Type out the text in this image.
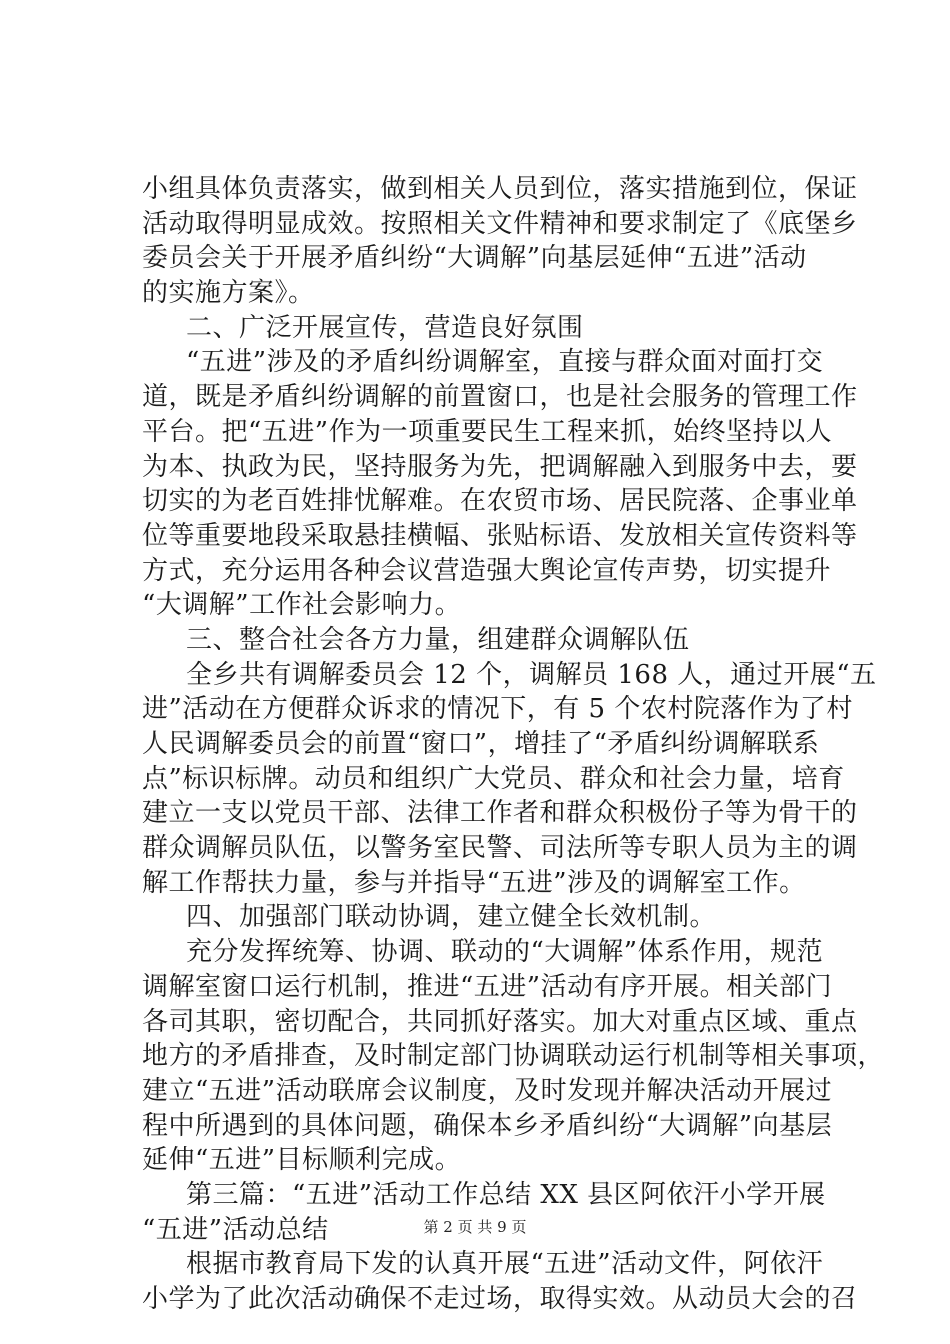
小组具体负责落实，做到相关人员到位，落实措施到位，保证
活动取得明显成效。按照相关文件精神和要求制定了《底堡乡
委员会关于开展矛盾纠纷“大调解”向基层延伸“五进”活动
的实施方案》。
二、广泛开展宣传，营造良好氛围
“五进”涉及的矛盾纠纷调解室，直接与群众面对面打交
道，既是矛盾纠纷调解的前置窗口，也是社会服务的管理工作
平台。把“五进”作为一项重要民生工程来抓，始终坚持以人
为本、执政为民，坚持服务为先，把调解融入到服务中去，要
切实的为老百姓排忧解难。在农贸市场、居民院落、企事业单
位等重要地段采取悬挂横幅、张贴标语、发放相关宣传资料等
方式，充分运用各种会议营造强大舆论宣传声势，切实提升
“大调解”工作社会影响力。
三、整合社会各方力量，组建群众调解队伍
全乡共有调解委员会 12 个，调解员 168 人，通过开展“五
进”活动在方便群众诉求的情况下，有 5 个农村院落作为了村
人民调解委员会的前置“窗口”，增挂了“矛盾纠纷调解联系
点”标识标牌。动员和组织广大党员、群众和社会力量，培育
建立一支以党员干部、法律工作者和群众积极份子等为骨干的
群众调解员队伍，以警务室民警、司法所等专职人员为主的调
解工作帮扶力量，参与并指导“五进”涉及的调解室工作。
四、加强部门联动协调，建立健全长效机制。
充分发挥统筹、协调、联动的“大调解”体系作用，规范
调解室窗口运行机制，推进“五进”活动有序开展。相关部门
各司其职，密切配合，共同抓好落实。加大对重点区域、重点
地方的矛盾排查，及时制定部门协调联动运行机制等相关事项，
建立“五进”活动联席会议制度，及时发现并解决活动开展过
程中所遇到的具体问题，确保本乡矛盾纠纷“大调解”向基层
延伸“五进”目标顺利完成。
第三篇：“五进”活动工作总结 XX 县区阿依汗小学开展
“五进”活动总结
根据市教育局下发的认真开展“五进”活动文件，阿依汗
小学为了此次活动确保不走过场，取得实效。从动员大会的召
第 2 页 共 9 页
